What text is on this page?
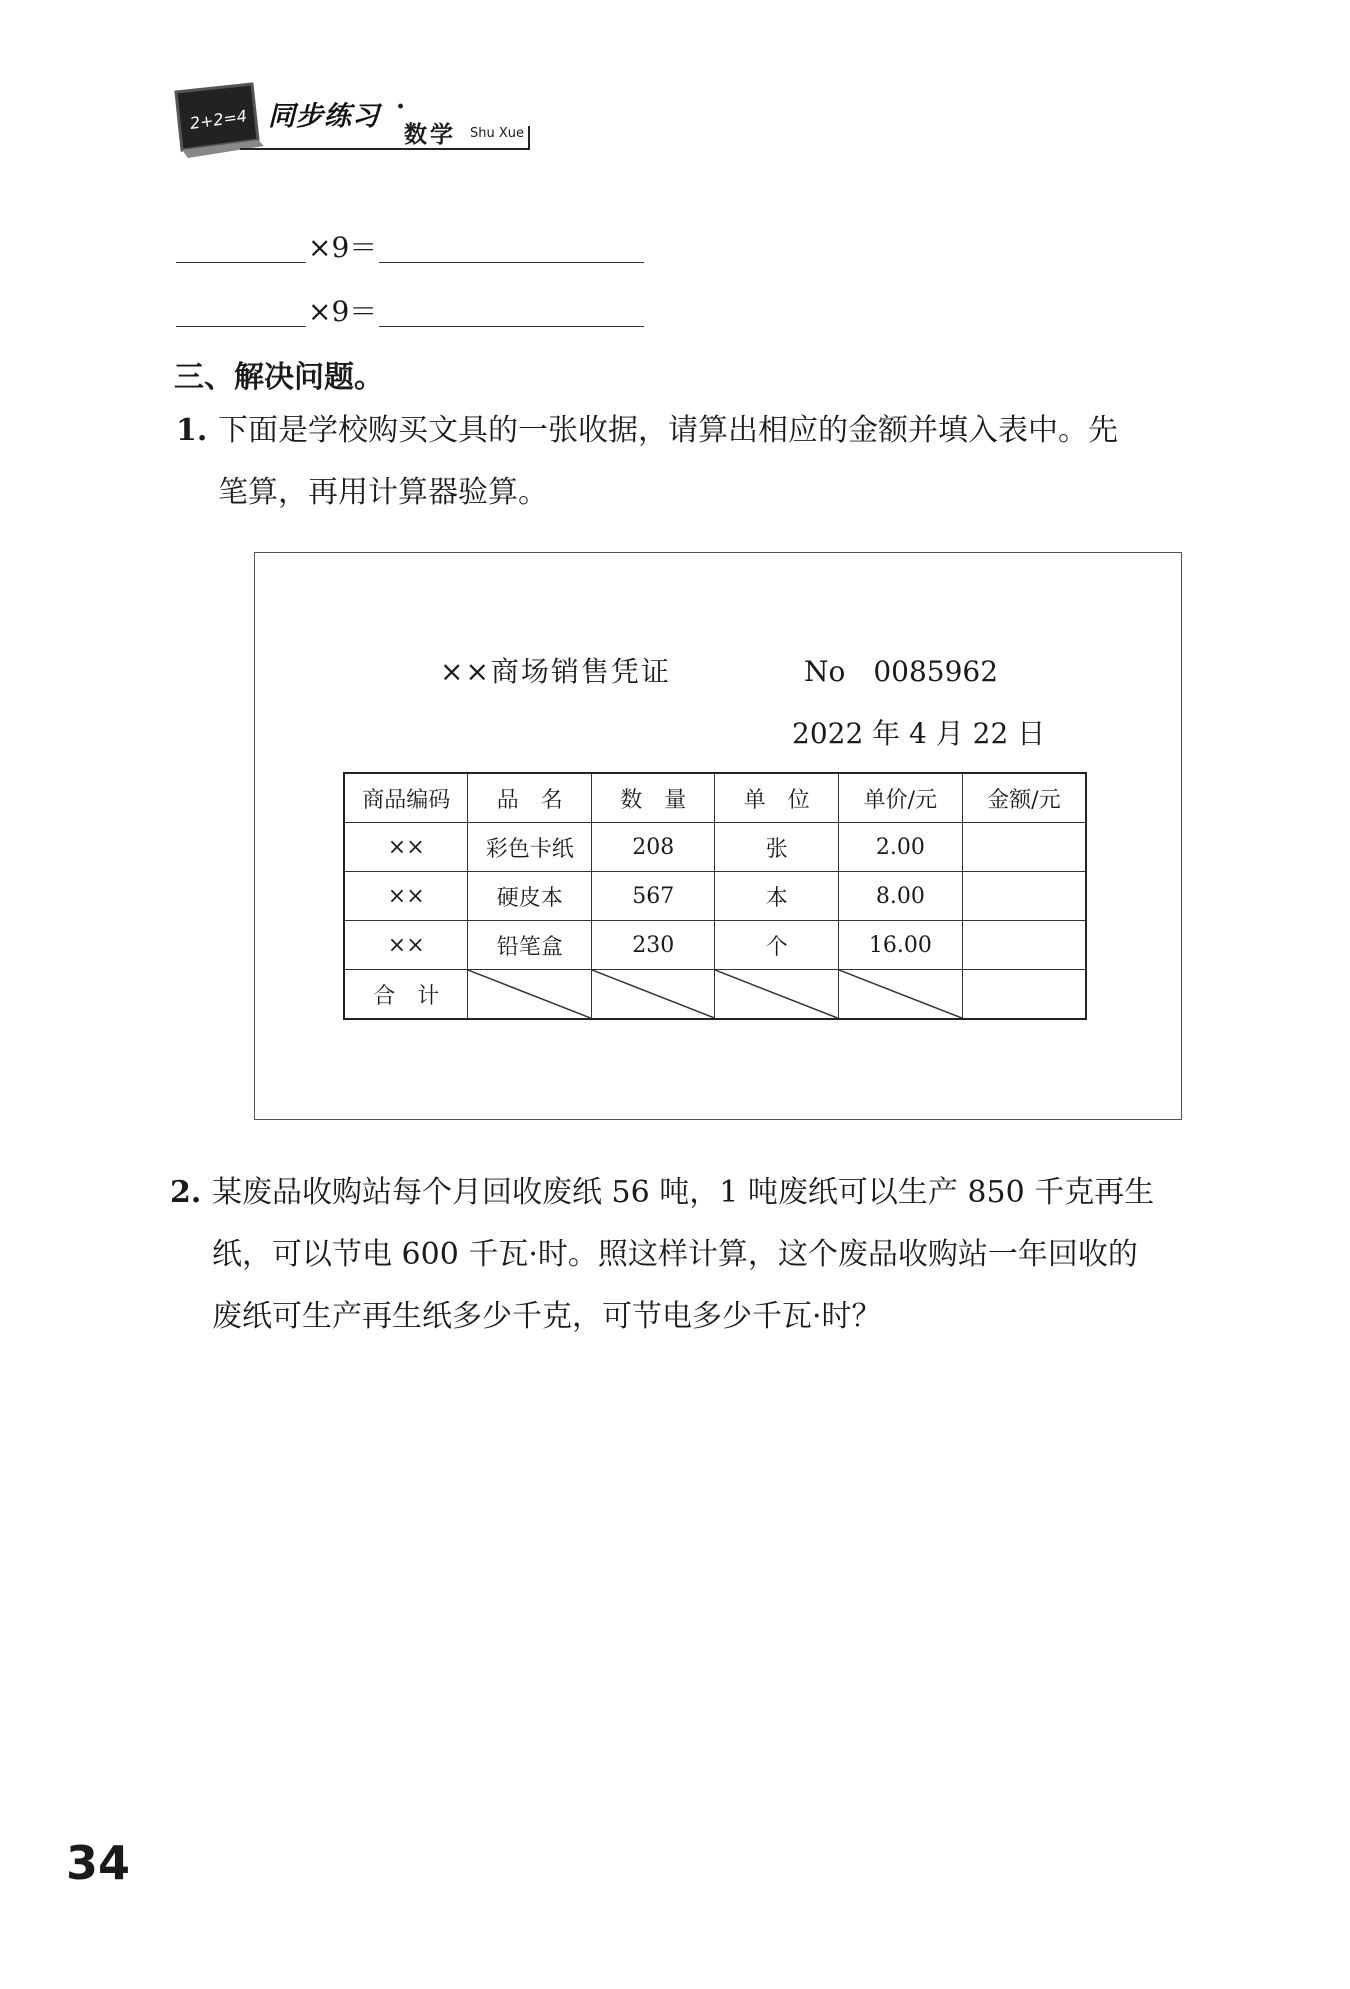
2+2=4 同步练习 ·
数学 Shu Xue
×9＝
×9＝
三、解决问题。
1. 下面是学校购买文具的一张收据，请算出相应的金额并填入表中。先
笔算，再用计算器验算。
××商场销售凭证	No　0085962
2022 年 4 月 22 日
商品编码	品　名	数　量	单　位	单价/元	金额/元
××	彩色卡纸	208	张	2.00	
××	硬皮本	567	本	8.00	
××	铅笔盒	230	个	16.00	
合　计	

2. 某废品收购站每个月回收废纸 56 吨，1 吨废纸可以生产 850 千克再生
纸，可以节电 600 千瓦·时。照这样计算，这个废品收购站一年回收的
废纸可生产再生纸多少千克，可节电多少千瓦·时？
34
